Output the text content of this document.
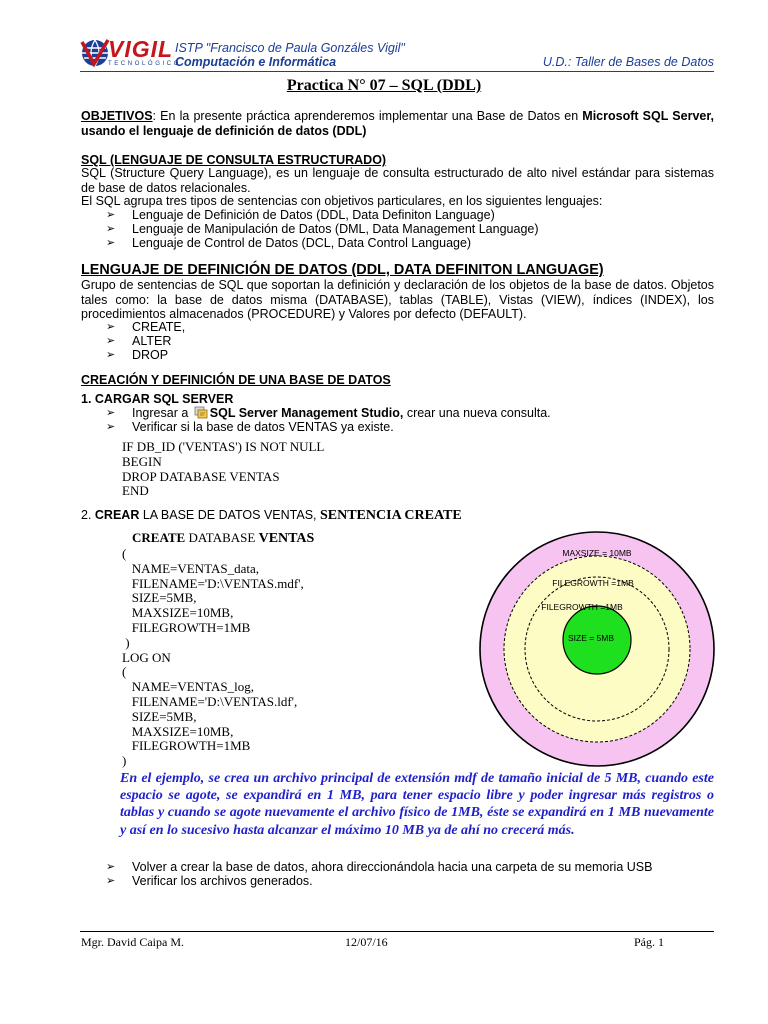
VIGIL
TECNOLÓGICO
ISTP "Francisco de Paula Gonzáles Vigil"
Computación e Informática	U.D.: Taller de Bases de Datos
Practica N° 07 – SQL (DDL)
OBJETIVOS: En la presente práctica aprenderemos implementar una Base de Datos en Microsoft SQL Server, usando el lenguaje de definición de datos (DDL)
SQL (LENGUAJE DE CONSULTA ESTRUCTURADO)
SQL (Structure Query Language), es un lenguaje de consulta estructurado de alto nivel estándar para sistemas de base de datos relacionales.
El SQL agrupa tres tipos de sentencias con objetivos particulares, en los siguientes lenguajes:
➢ Lenguaje de Definición de Datos (DDL, Data Definiton Language)
➢ Lenguaje de Manipulación de Datos (DML, Data Management Language)
➢ Lenguaje de Control de Datos (DCL, Data Control Language)
LENGUAJE DE DEFINICIÓN DE DATOS (DDL, DATA DEFINITON LANGUAGE)
Grupo de sentencias de SQL que soportan la definición y declaración de los objetos de la base de datos. Objetos tales como: la base de datos misma (DATABASE), tablas (TABLE), Vistas (VIEW), índices (INDEX), los procedimientos almacenados (PROCEDURE) y Valores por defecto (DEFAULT).
➢ CREATE,
➢ ALTER
➢ DROP
CREACIÓN Y DEFINICIÓN DE UNA BASE DE DATOS
1. CARGAR SQL SERVER
➢ Ingresar a SQL Server Management Studio, crear una nueva consulta.
➢ Verificar si la base de datos VENTAS ya existe.
IF DB_ID ('VENTAS') IS NOT NULL
BEGIN
DROP DATABASE VENTAS
END
2. CREAR LA BASE DE DATOS VENTAS, SENTENCIA CREATE
CREATE DATABASE VENTAS
(
NAME=VENTAS_data,
FILENAME='D:\VENTAS.mdf',
SIZE=5MB,
MAXSIZE=10MB,
FILEGROWTH=1MB
)
LOG ON
(
NAME=VENTAS_log,
FILENAME='D:\VENTAS.ldf',
SIZE=5MB,
MAXSIZE=10MB,
FILEGROWTH=1MB
)
MAXSIZE = 10MB
FILEGROWTH =1MB
FILEGROWTH =1MB
SIZE = 5MB
En el ejemplo, se crea un archivo principal de extensión mdf de tamaño inicial de 5 MB, cuando este espacio se agote, se expandirá en 1 MB, para tener espacio libre y poder ingresar más registros o tablas y cuando se agote nuevamente el archivo físico de 1MB, éste se expandirá en 1 MB nuevamente y así en lo sucesivo hasta alcanzar el máximo 10 MB ya de ahí no crecerá más.
➢ Volver a crear la base de datos, ahora direccionándola hacia una carpeta de su memoria USB
➢ Verificar los archivos generados.
Mgr. David Caipa M.	12/07/16	Pág. 1
